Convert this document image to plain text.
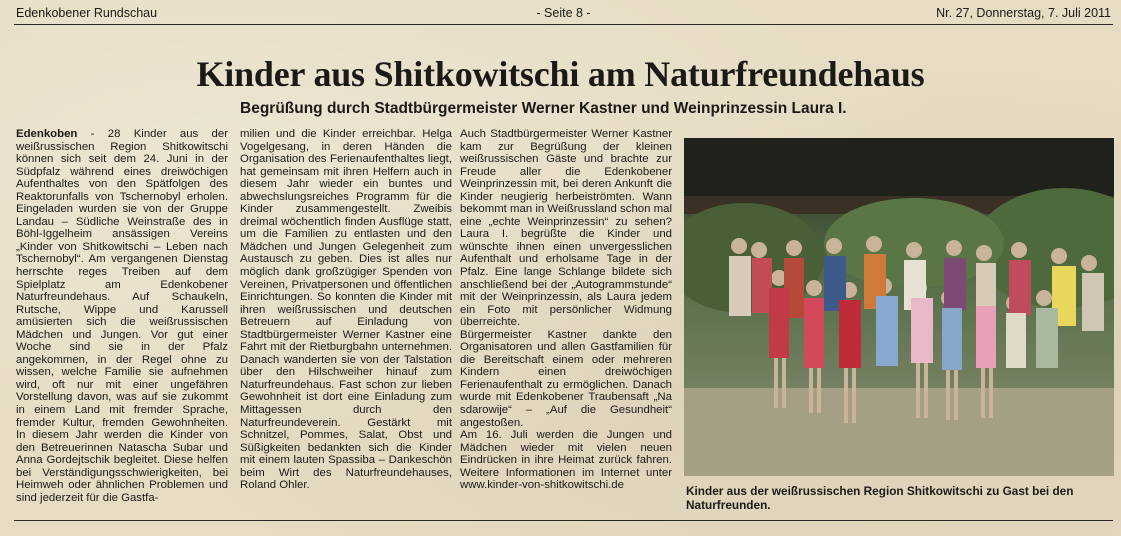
Edenkobener Rundschau	- Seite 8 -	Nr. 27, Donnerstag, 7. Juli 2011
Kinder aus Shitkowitschi am Naturfreundehaus
Begrüßung durch Stadtbürgermeister Werner Kastner und Weinprinzessin Laura I.

Edenkoben - 28 Kinder aus der weißrussischen Region Shitkowitschi können sich seit dem 24. Juni in der Südpfalz während eines dreiwöchigen Aufenthaltes von den Spätfolgen des Reaktorunfalls von Tschernobyl erholen. Eingeladen wurden sie von der Gruppe Landau – Südliche Weinstraße des in Böhl-Iggelheim ansässigen Vereins „Kinder von Shitkowitschi – Leben nach Tschernobyl“. Am vergangenen Dienstag herrschte reges Treiben auf dem Spielplatz am Edenkobener Naturfreundehaus. Auf Schaukeln, Rutsche, Wippe und Karussell amüsierten sich die weißrussischen Mädchen und Jungen. Vor gut einer Woche sind sie in der Pfalz angekommen, in der Regel ohne zu wissen, welche Familie sie aufnehmen wird, oft nur mit einer ungefähren Vorstellung davon, was auf sie zukommt in einem Land mit fremder Sprache, fremder Kultur, fremden Gewohnheiten. In diesem Jahr werden die Kinder von den Betreuerinnen Natascha Subar und Anna Gordejtschik begleitet. Diese helfen bei Verständigungsschwierigkeiten, bei Heimweh oder ähnlichen Problemen und sind jederzeit für die Gastfa-

milien und die Kinder erreichbar. Helga Vogelgesang, in deren Händen die Organisation des Ferienaufenthaltes liegt, hat gemeinsam mit ihren Helfern auch in diesem Jahr wieder ein buntes und abwechslungsreiches Programm für die Kinder zusammengestellt. Zweibis dreimal wöchentlich finden Ausflüge statt, um die Familien zu entlasten und den Mädchen und Jungen Gelegenheit zum Austausch zu geben. Dies ist alles nur möglich dank großzügiger Spenden von Vereinen, Privatpersonen und öffentlichen Einrichtungen. So konnten die Kinder mit ihren weißrussischen und deutschen Betreuern auf Einladung von Stadtbürgermeister Werner Kastner eine Fahrt mit der Rietburgbahn unternehmen. Danach wanderten sie von der Talstation über den Hilschweiher hinauf zum Naturfreundehaus. Fast schon zur lieben Gewohnheit ist dort eine Einladung zum Mittagessen durch den Naturfreundeverein. Gestärkt mit Schnitzel, Pommes, Salat, Obst und Süßigkeiten bedankten sich die Kinder mit einem lauten Spassiba – Dankeschön beim Wirt des Naturfreundehauses, Roland Ohler.

Auch Stadtbürgermeister Werner Kastner kam zur Begrüßung der kleinen weißrussischen Gäste und brachte zur Freude aller die Edenkobener Weinprinzessin mit, bei deren Ankunft die Kinder neugierig herbeiströmten. Wann bekommt man in Weißrussland schon mal eine „echte Weinprinzessin“ zu sehen? Laura I. begrüßte die Kinder und wünschte ihnen einen unvergesslichen Aufenthalt und erholsame Tage in der Pfalz. Eine lange Schlange bildete sich anschließend bei der „Autogrammstunde“ mit der Weinprinzessin, als Laura jedem ein Foto mit persönlicher Widmung überreichte.

Bürgermeister Kastner dankte den Organisatoren und allen Gastfamilien für die Bereitschaft einem oder mehreren Kindern einen dreiwöchigen Ferienaufenthalt zu ermöglichen. Danach wurde mit Edenkobener Traubensaft „Na sdarowije“ – „Auf die Gesundheit“ angestoßen.

Am 16. Juli werden die Jungen und Mädchen wieder mit vielen neuen Eindrücken in ihre Heimat zurück fahren. Weitere Informationen im Internet unter www.kinder-von-shitkowitschi.de	Kinder aus der weißrussischen Region Shitkowitschi zu Gast bei den Naturfreunden.
